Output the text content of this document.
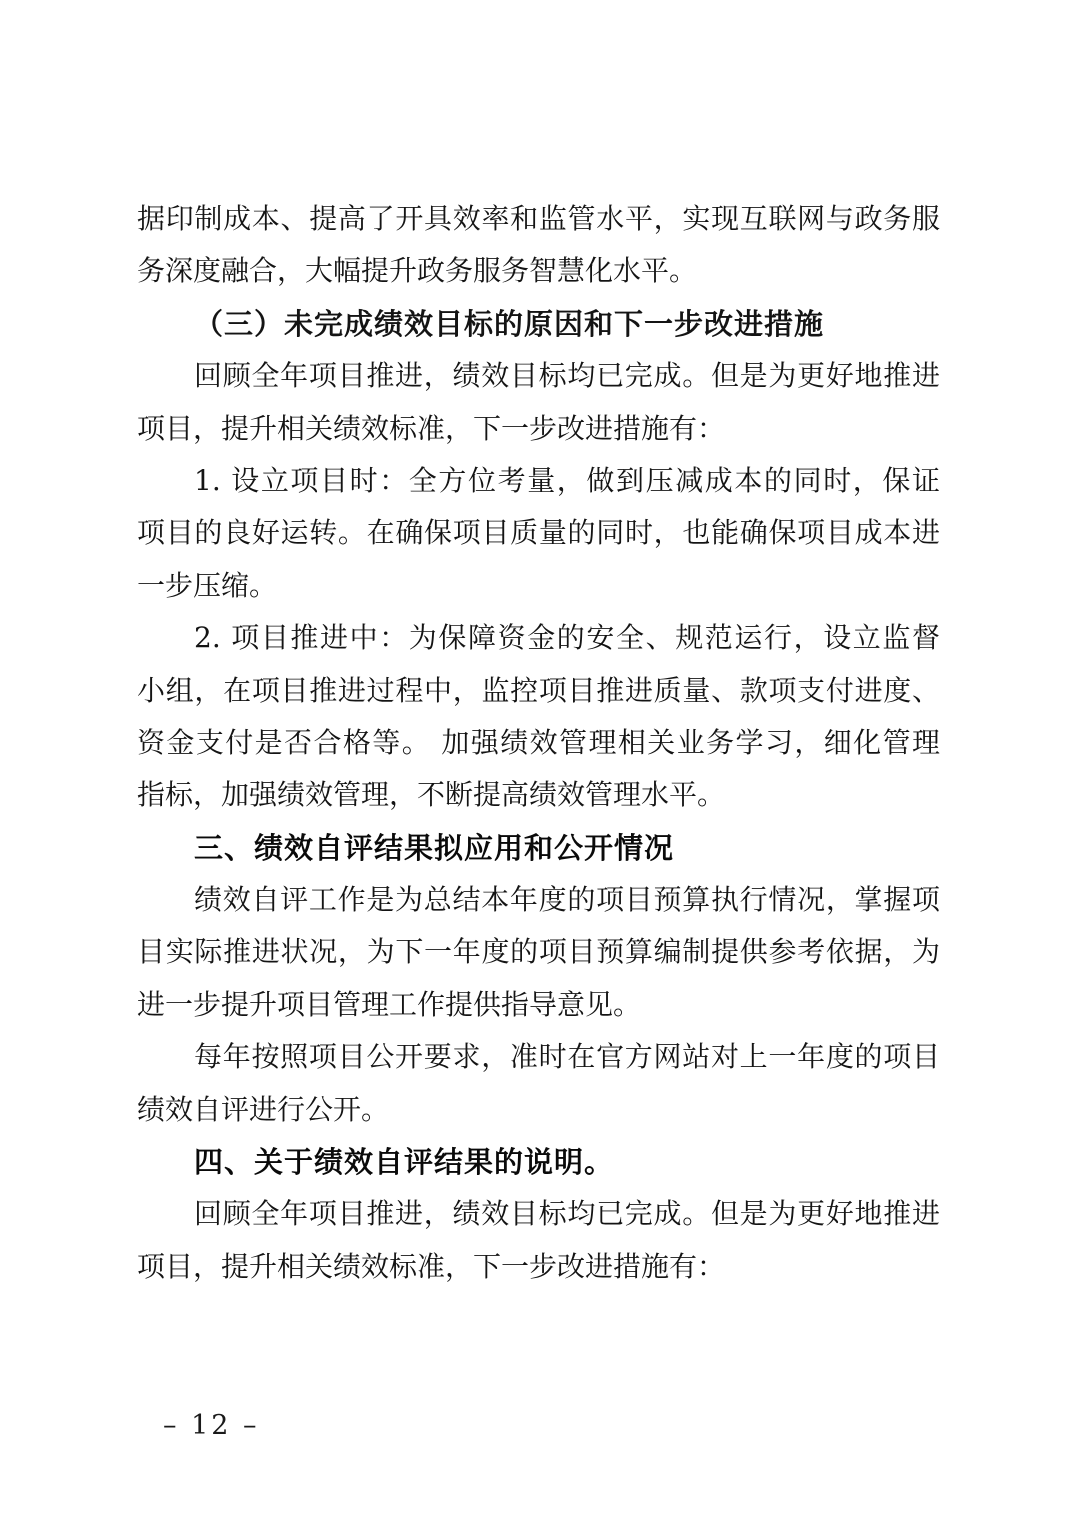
据印制成本、提高了开具效率和监管水平，实现互联网与政务服
务深度融合，大幅提升政务服务智慧化水平。
（三）未完成绩效目标的原因和下一步改进措施
回顾全年项目推进，绩效目标均已完成。但是为更好地推进
项目，提升相关绩效标准，下一步改进措施有：
1. 设立项目时：全方位考量，做到压减成本的同时，保证
项目的良好运转。在确保项目质量的同时，也能确保项目成本进
一步压缩。
2. 项目推进中：为保障资金的安全、规范运行，设立监督
小组，在项目推进过程中，监控项目推进质量、款项支付进度、
资金支付是否合格等。 加强绩效管理相关业务学习，细化管理
指标，加强绩效管理，不断提高绩效管理水平。
三、绩效自评结果拟应用和公开情况
绩效自评工作是为总结本年度的项目预算执行情况，掌握项
目实际推进状况，为下一年度的项目预算编制提供参考依据，为
进一步提升项目管理工作提供指导意见。
每年按照项目公开要求，准时在官方网站对上一年度的项目
绩效自评进行公开。
四、关于绩效自评结果的说明。
回顾全年项目推进，绩效目标均已完成。但是为更好地推进
项目，提升相关绩效标准，下一步改进措施有：
– 12 –
